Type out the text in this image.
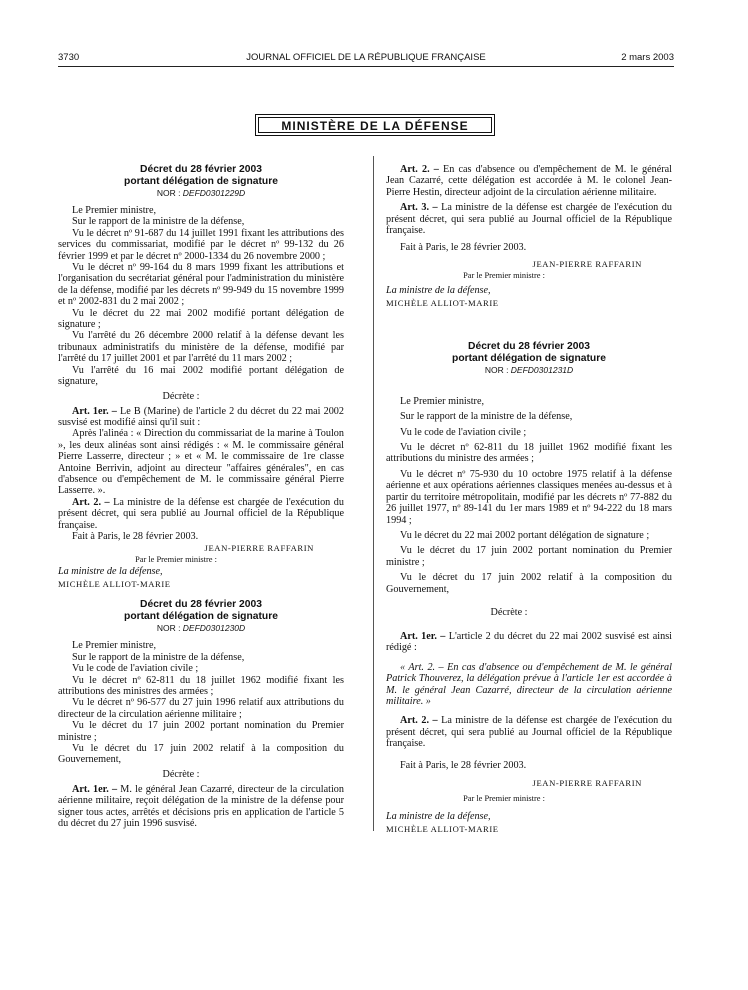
3730	JOURNAL OFFICIEL DE LA RÉPUBLIQUE FRANÇAISE	2 mars 2003
MINISTÈRE DE LA DÉFENSE
Décret du 28 février 2003
portant délégation de signature
NOR : DEFD0301229D

Le Premier ministre,

Sur le rapport de la ministre de la défense,

Vu le décret nº 91-687 du 14 juillet 1991 fixant les attributions des services du commissariat, modifié par le décret nº 99-132 du 26 février 1999 et par le décret nº 2000-1334 du 26 novembre 2000 ;

Vu le décret nº 99-164 du 8 mars 1999 fixant les attributions et l'organisation du secrétariat général pour l'administration du ministère de la défense, modifié par les décrets nº 99-949 du 15 novembre 1999 et nº 2002-831 du 2 mai 2002 ;

Vu le décret du 22 mai 2002 modifié portant délégation de signature ;

Vu l'arrêté du 26 décembre 2000 relatif à la défense devant les tribunaux administratifs du ministère de la défense, modifié par l'arrêté du 17 juillet 2001 et par l'arrêté du 11 mars 2002 ;

Vu l'arrêté du 16 mai 2002 modifié portant délégation de signature,

Décrète :

Art. 1er. – Le B (Marine) de l'article 2 du décret du 22 mai 2002 susvisé est modifié ainsi qu'il suit :

Après l'alinéa : « Direction du commissariat de la marine à Toulon », les deux alinéas sont ainsi rédigés : « M. le commissaire général Pierre Lasserre, directeur ; » et « M. le commissaire de 1re classe Antoine Berrivin, adjoint au directeur "affaires générales", en cas d'absence ou d'empêchement de M. le commissaire général Pierre Lasserre. ».

Art. 2. – La ministre de la défense est chargée de l'exécution du présent décret, qui sera publié au Journal officiel de la République française.

Fait à Paris, le 28 février 2003.
JEAN-PIERRE RAFFARIN
Par le Premier ministre :
La ministre de la défense,
MICHÈLE ALLIOT-MARIE
Décret du 28 février 2003
portant délégation de signature
NOR : DEFD0301230D

Le Premier ministre,

Sur le rapport de la ministre de la défense,

Vu le code de l'aviation civile ;

Vu le décret nº 62-811 du 18 juillet 1962 modifié fixant les attributions des ministres des armées ;

Vu le décret nº 96-577 du 27 juin 1996 relatif aux attributions du directeur de la circulation aérienne militaire ;

Vu le décret du 17 juin 2002 portant nomination du Premier ministre ;

Vu le décret du 17 juin 2002 relatif à la composition du Gouvernement,

Décrète :

Art. 1er. – M. le général Jean Cazarré, directeur de la circulation aérienne militaire, reçoit délégation de la ministre de la défense pour signer tous actes, arrêtés et décisions pris en application de l'article 5 du décret du 27 juin 1996 susvisé.

Art. 2. – En cas d'absence ou d'empêchement de M. le général Jean Cazarré, cette délégation est accordée à M. le colonel Jean-Pierre Hestin, directeur adjoint de la circulation aérienne militaire.

Art. 3. – La ministre de la défense est chargée de l'exécution du présent décret, qui sera publié au Journal officiel de la République française.

Fait à Paris, le 28 février 2003.
JEAN-PIERRE RAFFARIN
Par le Premier ministre :
La ministre de la défense,
MICHÈLE ALLIOT-MARIE
Décret du 28 février 2003
portant délégation de signature
NOR : DEFD0301231D

Le Premier ministre,

Sur le rapport de la ministre de la défense,

Vu le code de l'aviation civile ;

Vu le décret nº 62-811 du 18 juillet 1962 modifié fixant les attributions du ministre des armées ;

Vu le décret nº 75-930 du 10 octobre 1975 relatif à la défense aérienne et aux opérations aériennes classiques menées au-dessus et à partir du territoire métropolitain, modifié par les décrets nº 77-882 du 26 juillet 1977, nº 89-141 du 1er mars 1989 et nº 94-222 du 18 mars 1994 ;

Vu le décret du 22 mai 2002 portant délégation de signature ;

Vu le décret du 17 juin 2002 portant nomination du Premier ministre ;

Vu le décret du 17 juin 2002 relatif à la composition du Gouvernement,

Décrète :

Art. 1er. – L'article 2 du décret du 22 mai 2002 susvisé est ainsi rédigé :

« Art. 2. – En cas d'absence ou d'empêchement de M. le général Patrick Thouverez, la délégation prévue à l'article 1er est accordée à M. le général Jean Cazarré, directeur de la circulation aérienne militaire. »

Art. 2. – La ministre de la défense est chargée de l'exécution du présent décret, qui sera publié au Journal officiel de la République française.

Fait à Paris, le 28 février 2003.
JEAN-PIERRE RAFFARIN
Par le Premier ministre :
La ministre de la défense,
MICHÈLE ALLIOT-MARIE
